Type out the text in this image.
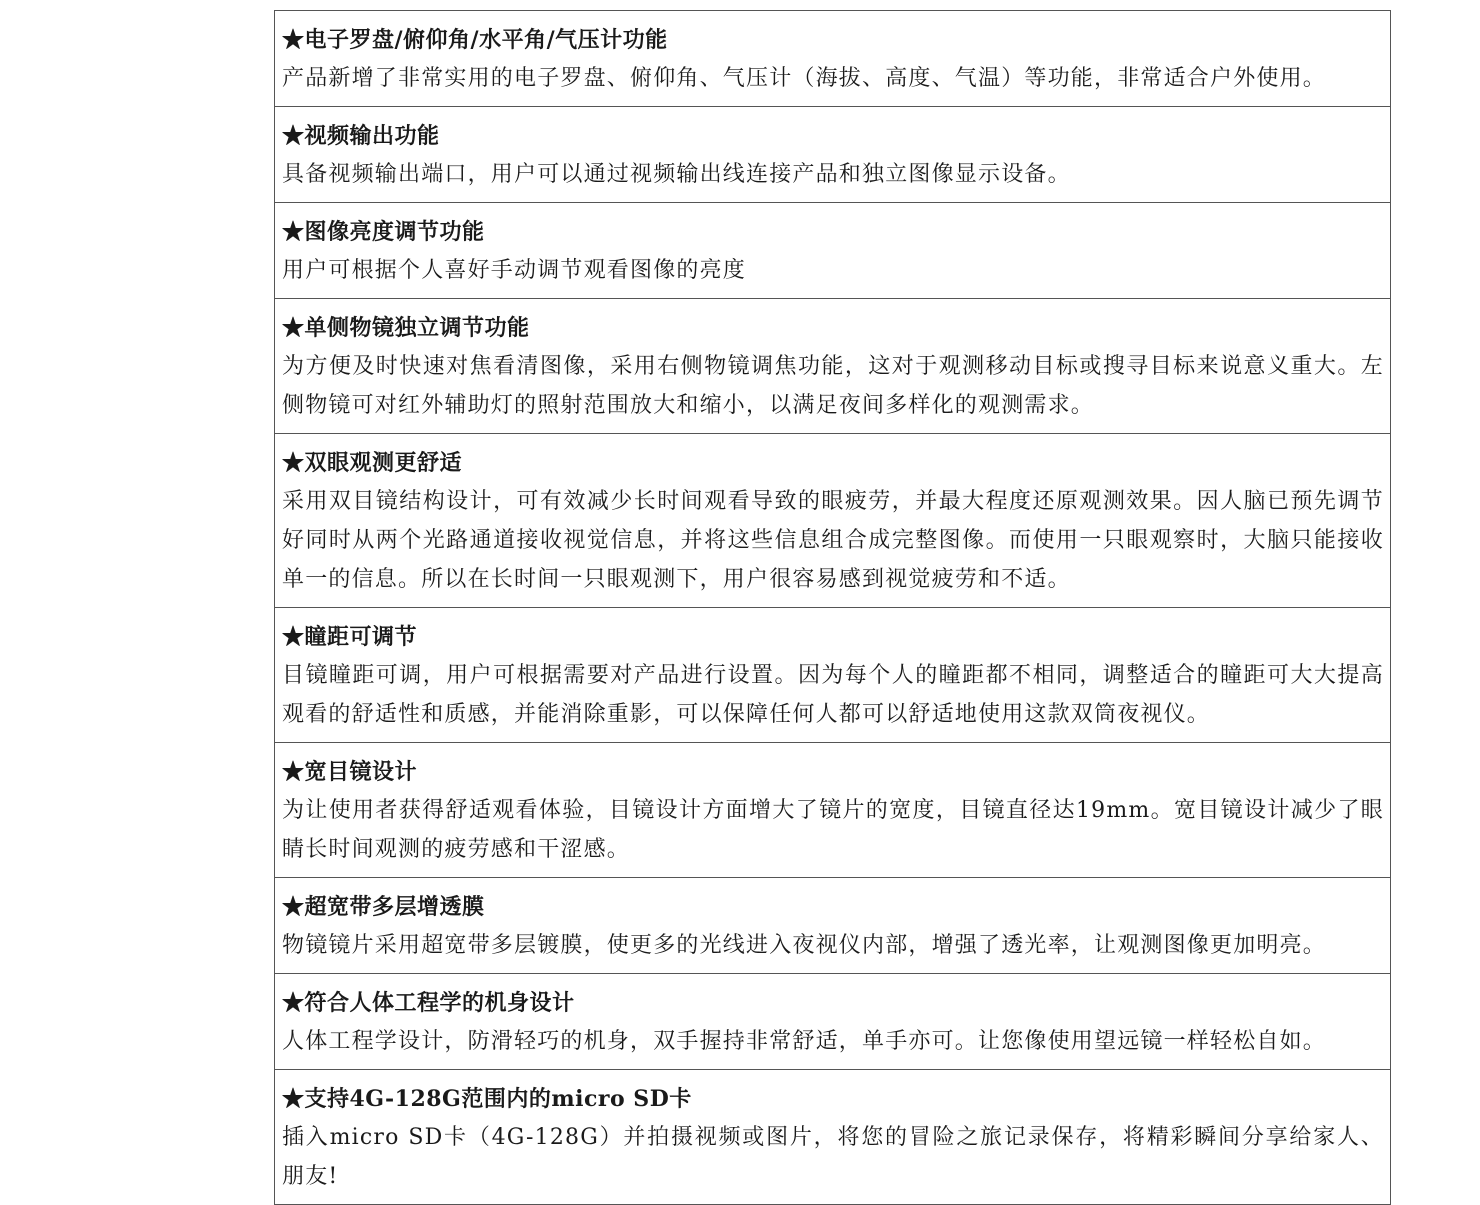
★电子罗盘/俯仰角/水平角/气压计功能

产品新增了非常实用的电子罗盘、俯仰角、气压计（海拔、高度、气温）等功能，非常适合户外使用。

★视频输出功能

具备视频输出端口，用户可以通过视频输出线连接产品和独立图像显示设备。

★图像亮度调节功能

用户可根据个人喜好手动调节观看图像的亮度

★单侧物镜独立调节功能

为方便及时快速对焦看清图像，采用右侧物镜调焦功能，这对于观测移动目标或搜寻目标来说意义重大。左侧物镜可对红外辅助灯的照射范围放大和缩小，以满足夜间多样化的观测需求。

★双眼观测更舒适

采用双目镜结构设计，可有效减少长时间观看导致的眼疲劳，并最大程度还原观测效果。因人脑已预先调节好同时从两个光路通道接收视觉信息，并将这些信息组合成完整图像。而使用一只眼观察时，大脑只能接收单一的信息。所以在长时间一只眼观测下，用户很容易感到视觉疲劳和不适。

★瞳距可调节

目镜瞳距可调，用户可根据需要对产品进行设置。因为每个人的瞳距都不相同，调整适合的瞳距可大大提高观看的舒适性和质感，并能消除重影，可以保障任何人都可以舒适地使用这款双筒夜视仪。

★宽目镜设计

为让使用者获得舒适观看体验，目镜设计方面增大了镜片的宽度，目镜直径达19mm。宽目镜设计减少了眼睛长时间观测的疲劳感和干涩感。

★超宽带多层增透膜

物镜镜片采用超宽带多层镀膜，使更多的光线进入夜视仪内部，增强了透光率，让观测图像更加明亮。

★符合人体工程学的机身设计

人体工程学设计，防滑轻巧的机身，双手握持非常舒适，单手亦可。让您像使用望远镜一样轻松自如。

★支持4G-128G范围内的micro SD卡

插入micro SD卡（4G-128G）并拍摄视频或图片，将您的冒险之旅记录保存，将精彩瞬间分享给家人、朋友!
